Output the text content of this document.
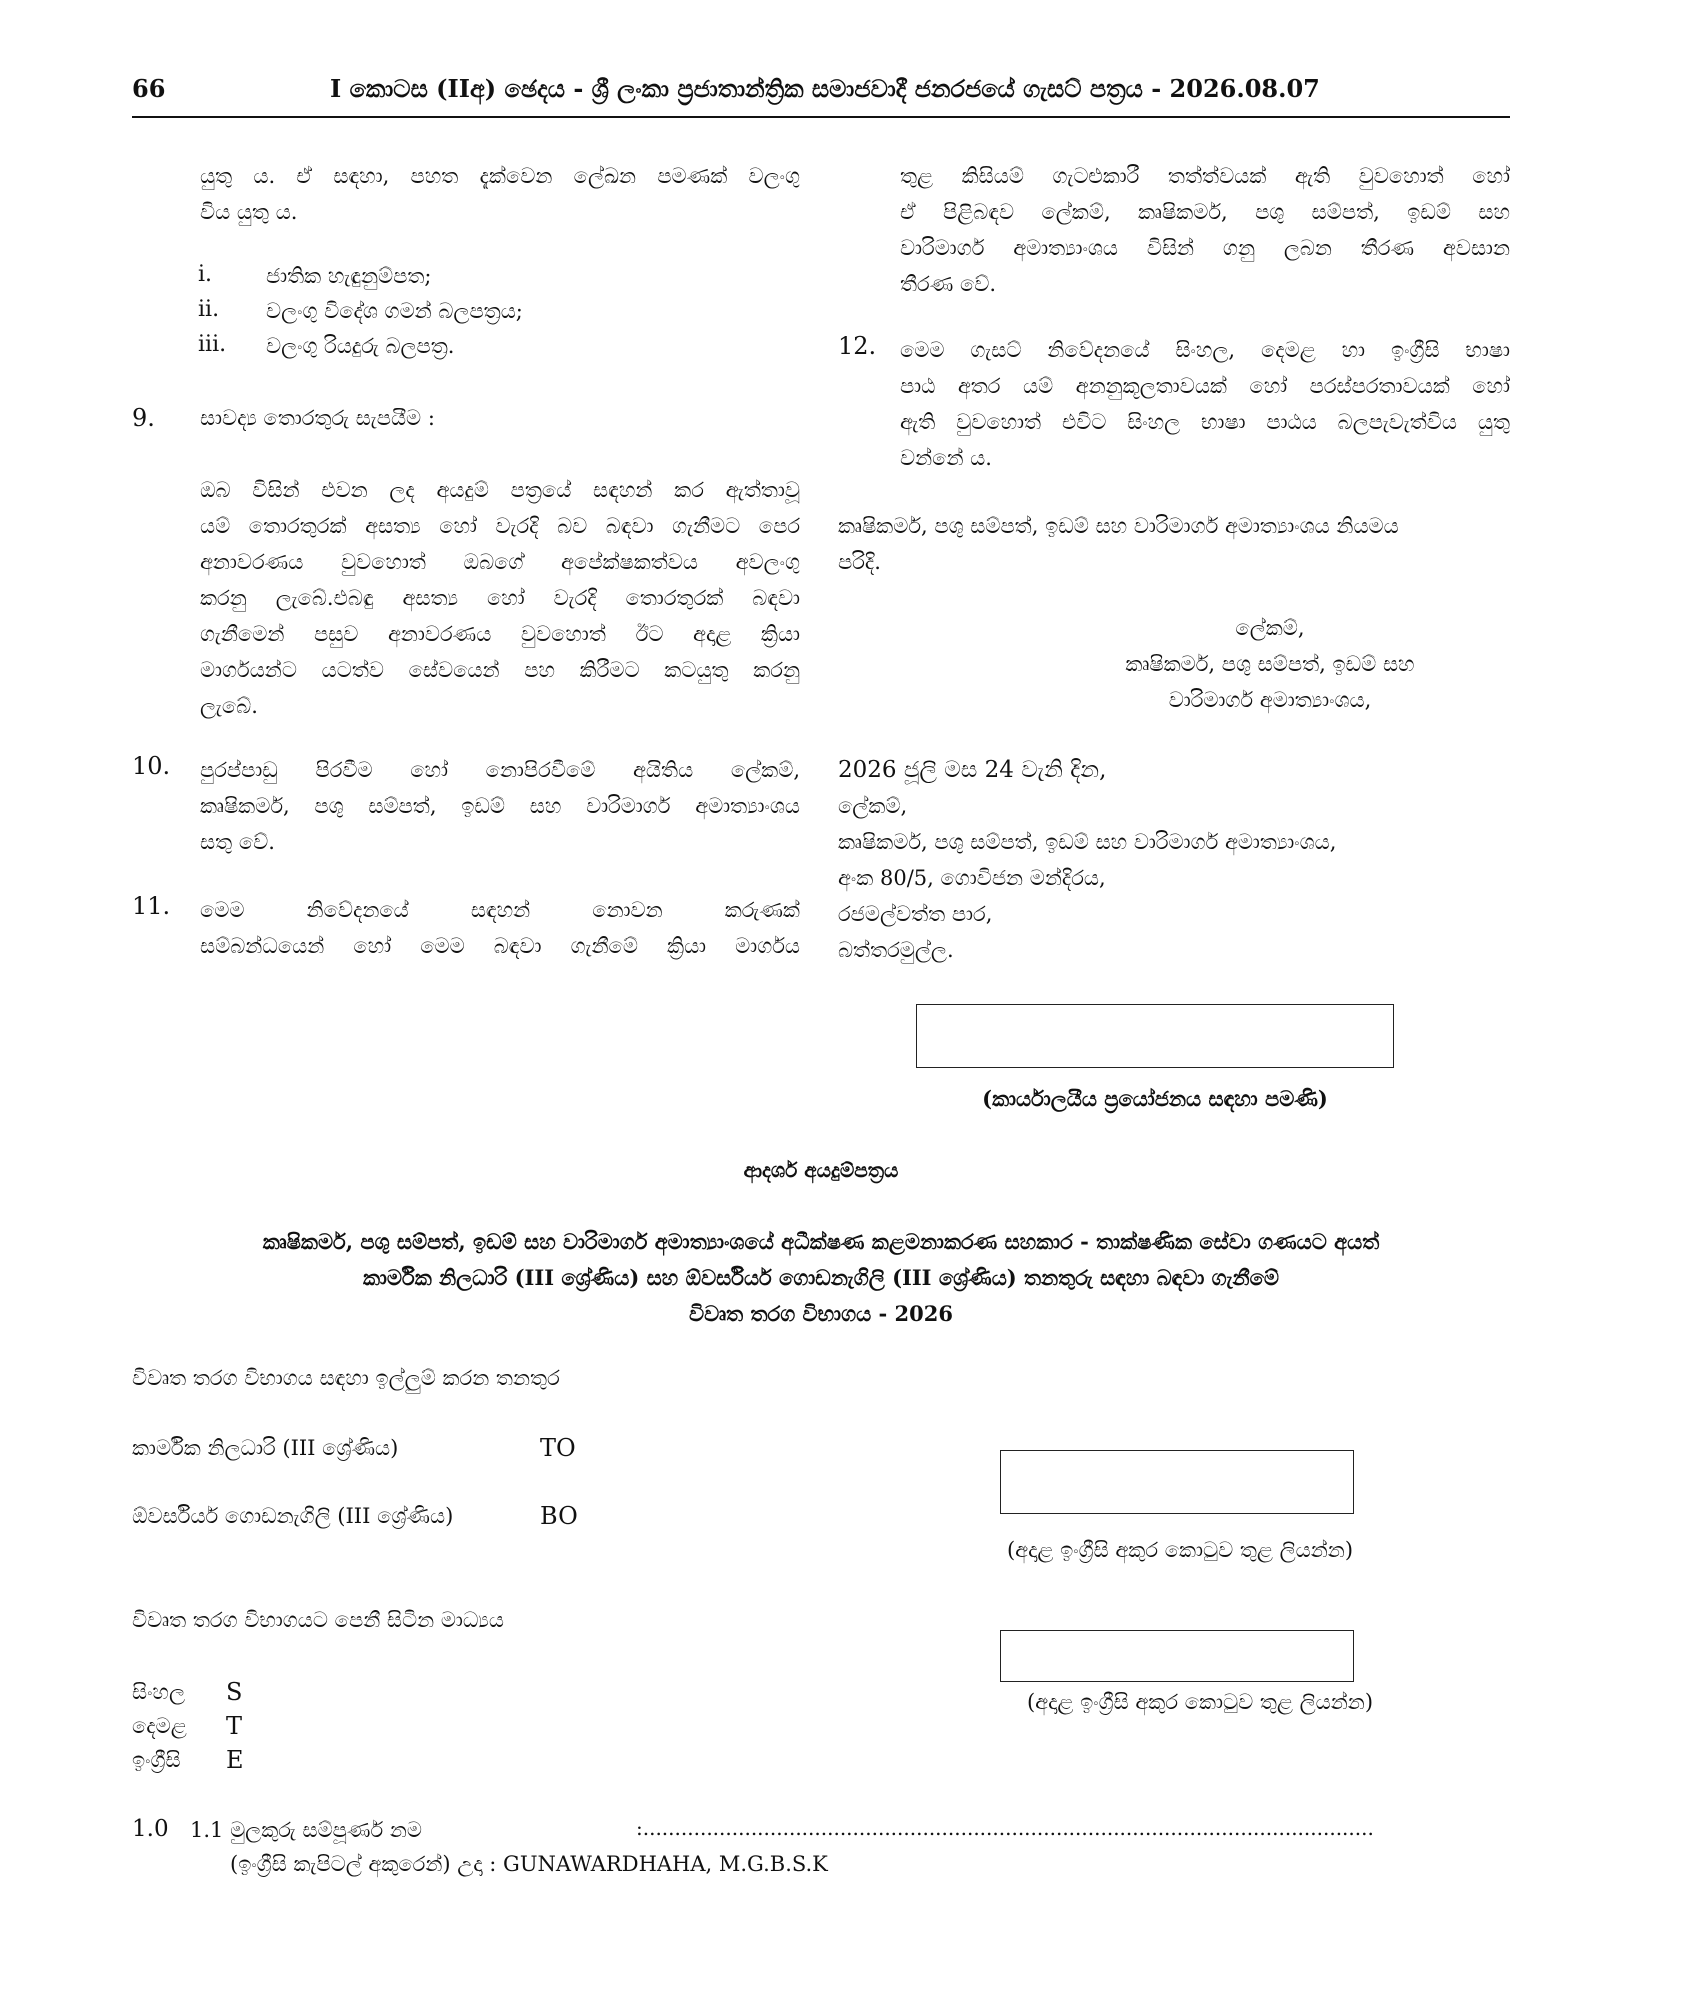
66	I කොටස (IIඅ) ඡෙදය - ශ්‍රී ලංකා ප්‍රජාතාන්ත්‍රික සමාජවාදී ජනරජයේ ගැසට් පත්‍රය - 2026.08.07
යුතු ය. ඒ සඳහා, පහත දැක්වෙන ලේඛන පමණක් වලංගු
විය යුතු ය.
i.	ජාතික හැඳුනුම්පත;
ii. වලංගු විදේශ ගමන් බලපත්‍රය;
iii. වලංගු රියදුරු බලපත්‍ර.
9. සාවද්‍ය තොරතුරු සැපයීම :
ඔබ විසින් එවන ලද අයදුම් පත්‍රයේ සඳහන් කර ඇත්තාවූ
යම් තොරතුරක් අසත්‍ය හෝ වැරදි බව බඳවා ගැනීමට පෙර
අනාවරණය වුවහොත් ඔබගේ අපේක්ෂකත්වය අවලංගු
කරනු ලැබේ.එබඳු අසත්‍ය හෝ වැරදි තොරතුරක් බඳවා
ගැනීමෙන් පසුව අනාවරණය වුවහොත් ඊට අදාළ ක්‍රියා
මාර්ගයන්ට යටත්ව සේවයෙන් පහ කිරීමට කටයුතු කරනු
ලැබේ.
10. පුරප්පාඩු පිරවීම හෝ නොපිරවීමේ අයිතිය ලේකම්,
කෘෂිකර්ම, පශු සම්පත්, ඉඩම් සහ වාරිමාර්ග අමාත්‍යාංශය
සතු වේ.
11. මෙම නිවේදනයේ සඳහන් නොවන කරුණක්
සම්බන්ධයෙන් හෝ මෙම බඳවා ගැනීමේ ක්‍රියා මාර්ගය
තුළ කිසියම් ගැටළුකාරී තත්ත්වයක් ඇති වුවහොත් හෝ
ඒ පිළිබඳව ලේකම්, කෘෂිකර්ම, පශු සම්පත්, ඉඩම් සහ
වාරිමාර්ග අමාත්‍යාංශය විසින් ගනු ලබන තීරණ අවසාන
තීරණ වේ.
12. මෙම ගැසට් නිවේදනයේ සිංහල, දෙමළ හා ඉංග්‍රීසි භාෂා
පාඨ අතර යම් අනනුකූලතාවයක් හෝ පරස්පරතාවයක් හෝ
ඇති වුවහොත් එවිට සිංහල භාෂා පාඨය බලපැවැත්විය යුතු
වන්නේ ය.
කෘෂිකර්ම, පශු සම්පත්, ඉඩම් සහ වාරිමාර්ග අමාත්‍යාංශය නියමය
පරිදි.
ලේකම්,
කෘෂිකර්ම, පශු සම්පත්, ඉඩම් සහ
වාරිමාර්ග අමාත්‍යාංශය,
2026 ජූලි මස 24 වැනි දින,
ලේකම්,
කෘෂිකර්ම, පශු සම්පත්, ඉඩම් සහ වාරිමාර්ග අමාත්‍යාංශය,
අංක 80/5, ගොවිජන මන්දිරය,
රජමල්වත්ත පාර,
බත්තරමුල්ල.
(කාර්යාලයීය ප්‍රයෝජනය සඳහා පමණි)
ආදර්ශ අයදුම්පත්‍රය
කෘෂිකර්ම, පශු සම්පත්, ඉඩම් සහ වාරිමාර්ග අමාත්‍යාංශයේ අධීක්ෂණ කළමනාකරණ සහකාර - තාක්ෂණික සේවා ගණයට අයත්
කාර්මික නිලධාරි (III ශ්‍රේණිය) සහ ඕවර්සියර් ගොඩනැගිලි (III ශ්‍රේණිය) තනතුරු සඳහා බඳවා ගැනීමේ
විවෘත තරග විභාගය - 2026
විවෘත තරග විභාගය සඳහා ඉල්ලුම් කරන තනතුර
කාර්මික නිලධාරි (III ශ්‍රේණිය)	TO
ඕවර්සියර් ගොඩනැගිලි (III ශ්‍රේණිය)	BO
(අදාළ ඉංග්‍රීසි අකුර කොටුව තුළ ලියන්න)
විවෘත තරග විභාගයට පෙනී සිටින මාධ්‍යය
(අදාළ ඉංග්‍රීසි අකුර කොටුව තුළ ලියන්න)
සිංහල S
දෙමළ T
ඉංග්‍රීසි E
1.0 1.1 මුලකුරු සම්පූර්ණ නම	:...................................................................................................................
(ඉංග්‍රීසි කැපිටල් අකුරෙන්) උදා : GUNAWARDHAHA, M.G.B.S.K
